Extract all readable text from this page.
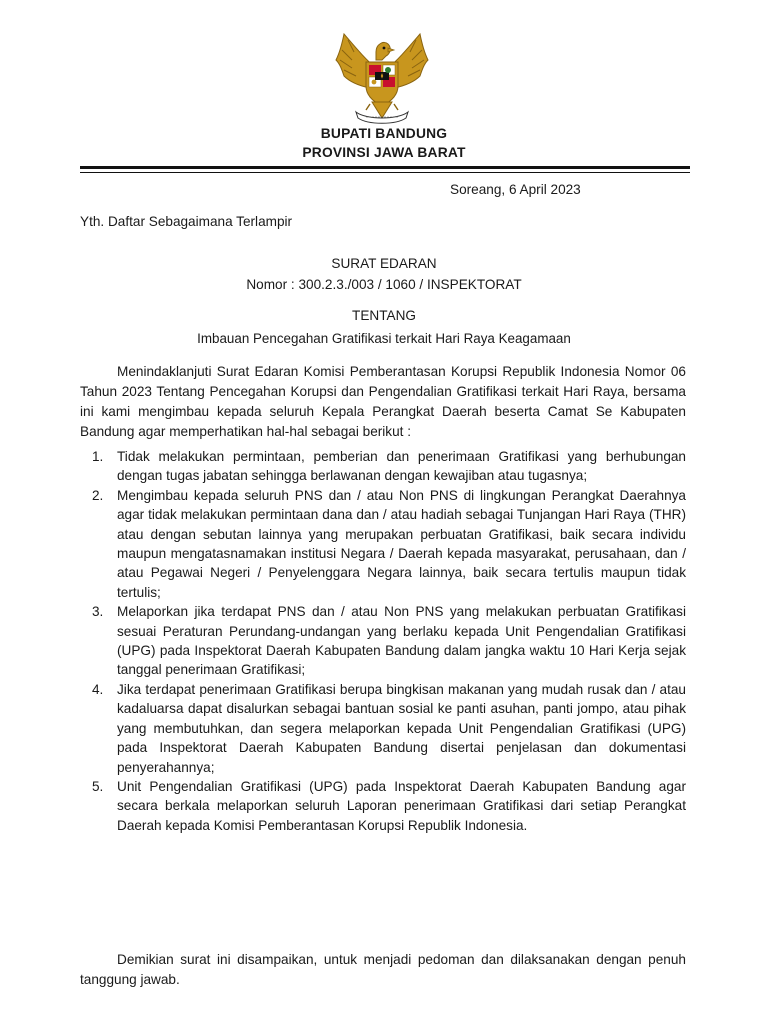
BUPATI BANDUNG
PROVINSI JAWA BARAT
Soreang, 6 April 2023
Yth. Daftar Sebagaimana Terlampir
SURAT EDARAN
Nomor : 300.2.3./003 / 1060 / INSPEKTORAT
TENTANG
Imbauan Pencegahan Gratifikasi terkait Hari Raya Keagamaan
Menindaklanjuti Surat Edaran Komisi Pemberantasan Korupsi Republik Indonesia Nomor 06 Tahun 2023 Tentang Pencegahan Korupsi dan Pengendalian Gratifikasi terkait Hari Raya, bersama ini kami mengimbau kepada seluruh Kepala Perangkat Daerah beserta Camat Se Kabupaten Bandung agar memperhatikan hal-hal sebagai berikut :
1. Tidak melakukan permintaan, pemberian dan penerimaan Gratifikasi yang berhubungan dengan tugas jabatan sehingga berlawanan dengan kewajiban atau tugasnya;
2. Mengimbau kepada seluruh PNS dan / atau Non PNS di lingkungan Perangkat Daerahnya agar tidak melakukan permintaan dana dan / atau hadiah sebagai Tunjangan Hari Raya (THR) atau dengan sebutan lainnya yang merupakan perbuatan Gratifikasi, baik secara individu maupun mengatasnamakan institusi Negara / Daerah kepada masyarakat, perusahaan, dan / atau Pegawai Negeri / Penyelenggara Negara lainnya, baik secara tertulis maupun tidak tertulis;
3. Melaporkan jika terdapat PNS dan / atau Non PNS yang melakukan perbuatan Gratifikasi sesuai Peraturan Perundang-undangan yang berlaku kepada Unit Pengendalian Gratifikasi (UPG) pada Inspektorat Daerah Kabupaten Bandung dalam jangka waktu 10 Hari Kerja sejak tanggal penerimaan Gratifikasi;
4. Jika terdapat penerimaan Gratifikasi berupa bingkisan makanan yang mudah rusak dan / atau kadaluarsa dapat disalurkan sebagai bantuan sosial ke panti asuhan, panti jompo, atau pihak yang membutuhkan, dan segera melaporkan kepada Unit Pengendalian Gratifikasi (UPG) pada Inspektorat Daerah Kabupaten Bandung disertai penjelasan dan dokumentasi penyerahannya;
5. Unit Pengendalian Gratifikasi (UPG) pada Inspektorat Daerah Kabupaten Bandung agar secara berkala melaporkan seluruh Laporan penerimaan Gratifikasi dari setiap Perangkat Daerah kepada Komisi Pemberantasan Korupsi Republik Indonesia.
Demikian surat ini disampaikan, untuk menjadi pedoman dan dilaksanakan dengan penuh tanggung jawab.
